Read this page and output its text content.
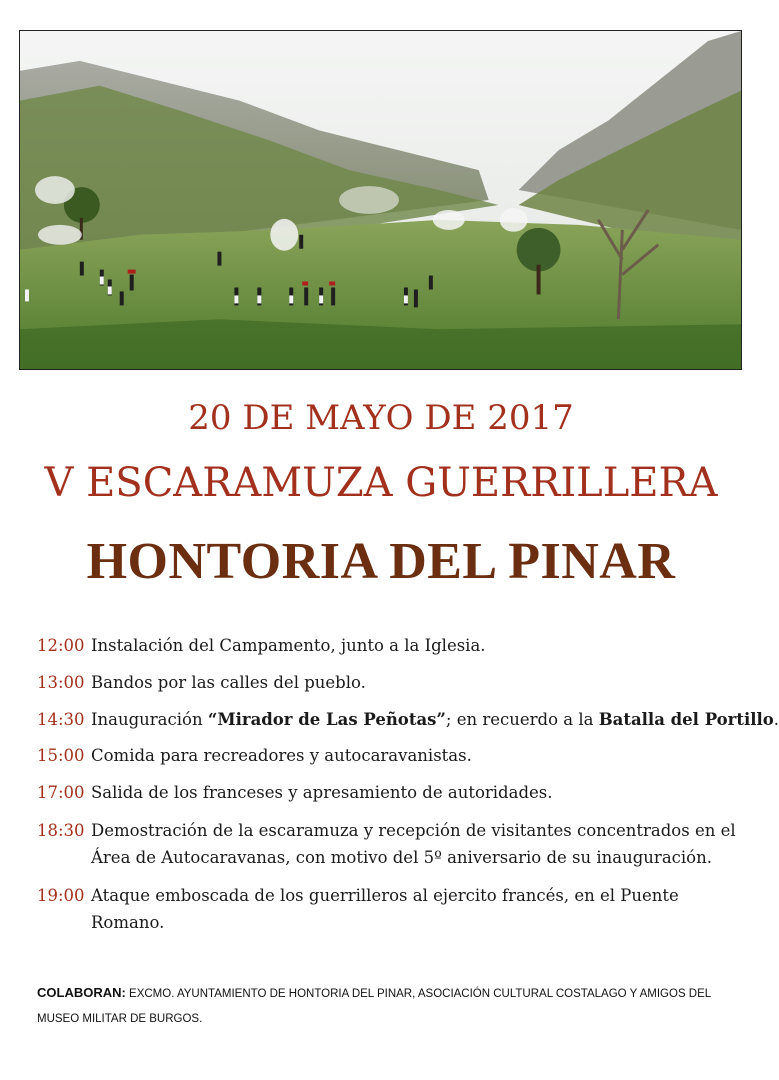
20 DE MAYO DE 2017
V ESCARAMUZA GUERRILLERA
HONTORIA DEL PINAR
12:00 Instalación del Campamento, junto a la Iglesia.
13:00 Bandos por las calles del pueblo.
14:30 Inauguración “Mirador de Las Peñotas”; en recuerdo a la Batalla del Portillo.
15:00 Comida para recreadores y autocaravanistas.
17:00 Salida de los franceses y apresamiento de autoridades.
18:30 Demostración de la escaramuza y recepción de visitantes concentrados en el Área de Autocaravanas, con motivo del 5º aniversario de su inauguración.
19:00 Ataque emboscada de los guerrilleros al ejercito francés, en el Puente Romano.
COLABORAN: EXCMO. AYUNTAMIENTO DE HONTORIA DEL PINAR, ASOCIACIÓN CULTURAL COSTALAGO Y AMIGOS DEL MUSEO MILITAR DE BURGOS.
